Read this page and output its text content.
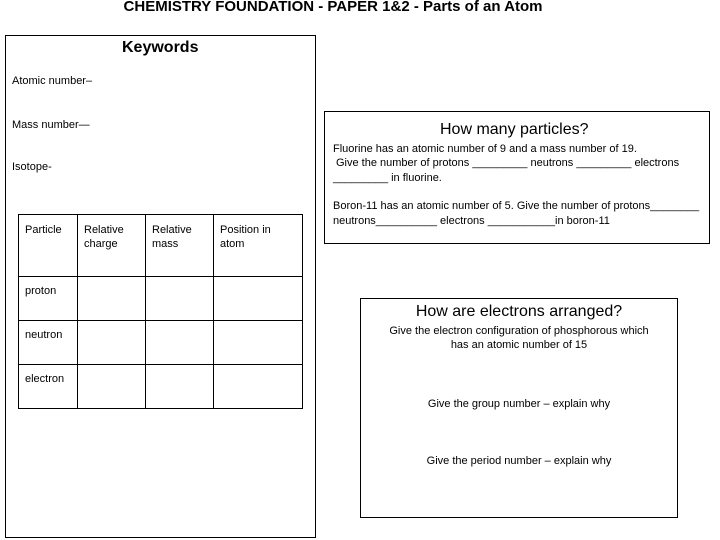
CHEMISTRY FOUNDATION - PAPER 1&2 - Parts of an Atom
Keywords
Atomic number–
Mass number—
Isotope-
Particle	Relative charge	Relative mass	Position in atom
proton			
neutron			
electron			
How many particles?
Fluorine has an atomic number of 9 and a mass number of 19.
Give the number of protons _________ neutrons _________ electrons
_________ in fluorine.
Boron-11 has an atomic number of 5. Give the number of protons________
neutrons__________ electrons ___________in boron-11
How are electrons arranged?
Give the electron configuration of phosphorous which
has an atomic number of 15
Give the group number – explain why
Give the period number – explain why
